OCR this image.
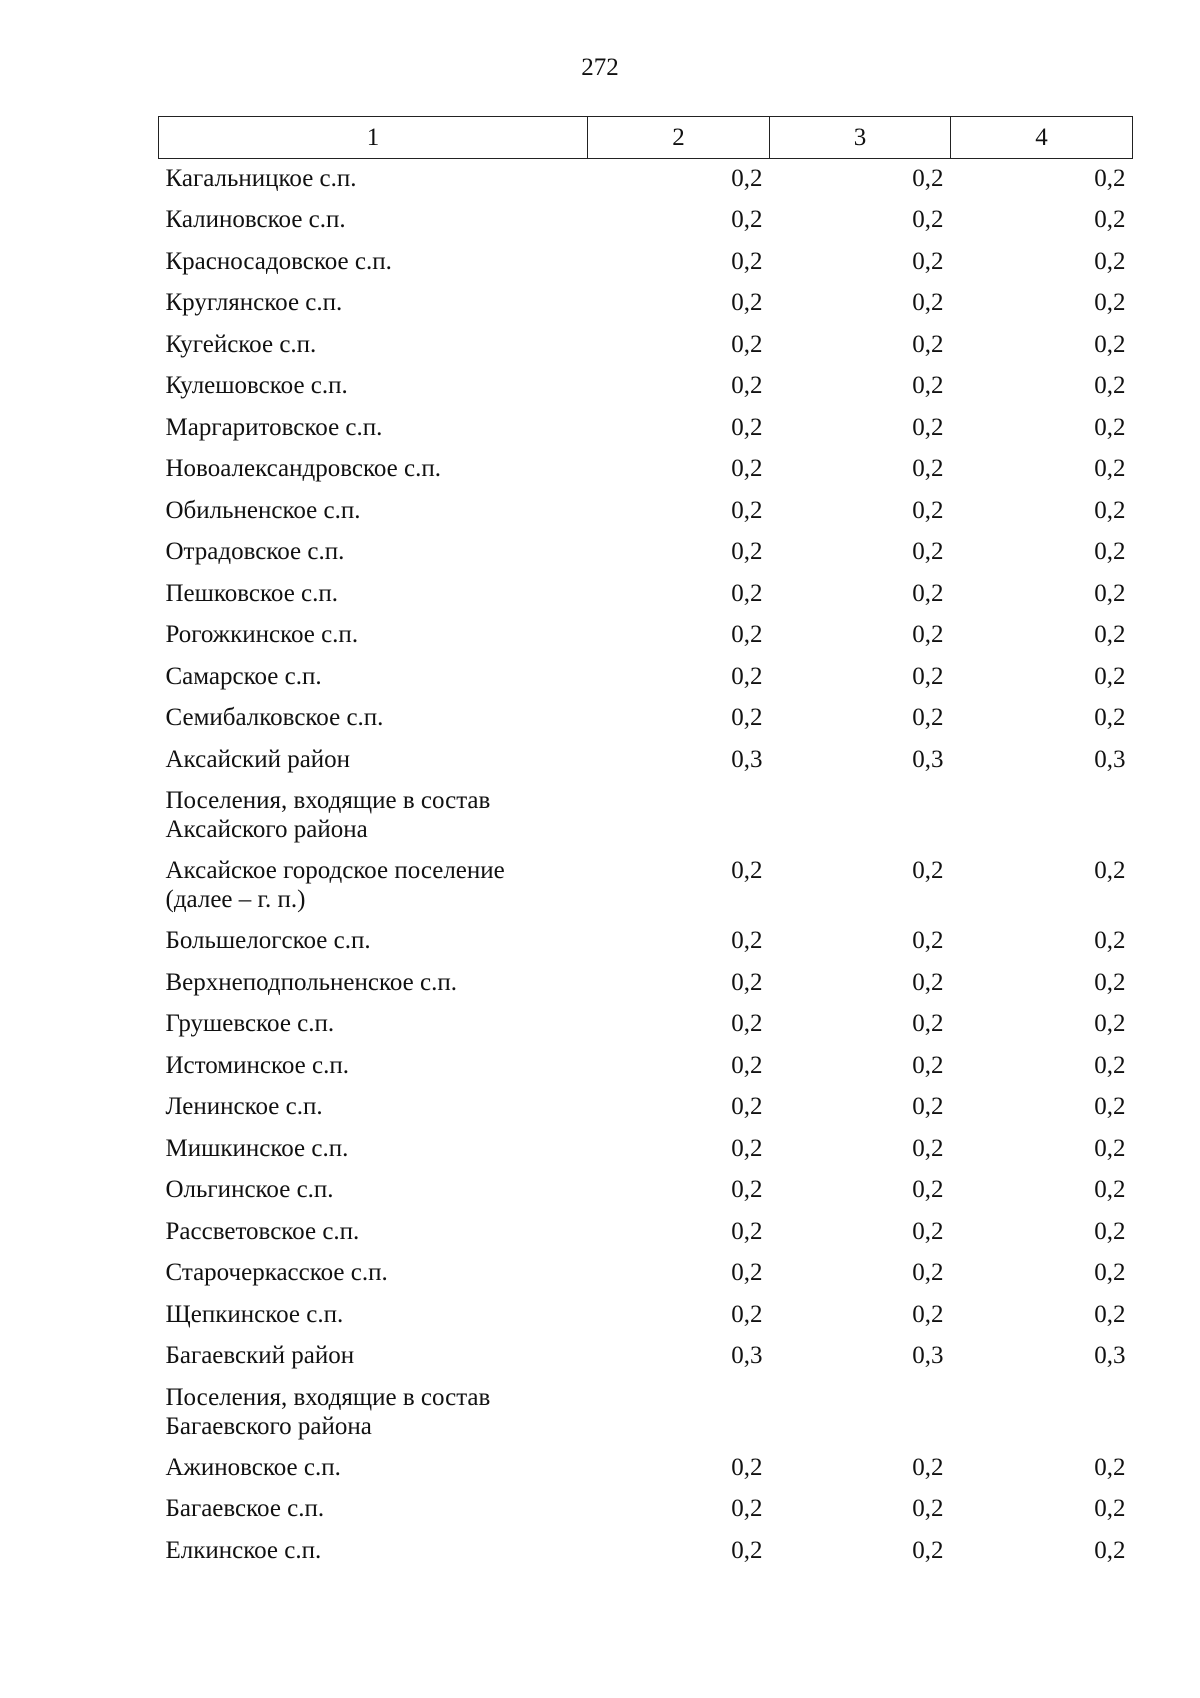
272
1	2	3	4

Кагальницкое с.п.	0,2	0,2	0,2

Калиновское с.п.	0,2	0,2	0,2

Красносадовское с.п.	0,2	0,2	0,2

Круглянское с.п.	0,2	0,2	0,2

Кугейское с.п.	0,2	0,2	0,2

Кулешовское с.п.	0,2	0,2	0,2

Маргаритовское с.п.	0,2	0,2	0,2

Новоалександровское с.п.	0,2	0,2	0,2

Обильненское с.п.	0,2	0,2	0,2

Отрадовское с.п.	0,2	0,2	0,2

Пешковское с.п.	0,2	0,2	0,2

Рогожкинское с.п.	0,2	0,2	0,2

Самарское с.п.	0,2	0,2	0,2

Семибалковское с.п.	0,2	0,2	0,2

Аксайский район	0,3	0,3	0,3

Поселения, входящие в состав
Аксайского района			

Аксайское городское поселение
(далее – г. п.)	0,2	0,2	0,2

Большелогское с.п.	0,2	0,2	0,2

Верхнеподпольненское с.п.	0,2	0,2	0,2

Грушевское с.п.	0,2	0,2	0,2

Истоминское с.п.	0,2	0,2	0,2

Ленинское с.п.	0,2	0,2	0,2

Мишкинское с.п.	0,2	0,2	0,2

Ольгинское с.п.	0,2	0,2	0,2

Рассветовское с.п.	0,2	0,2	0,2

Старочеркасское с.п.	0,2	0,2	0,2

Щепкинское с.п.	0,2	0,2	0,2

Багаевский район	0,3	0,3	0,3

Поселения, входящие в состав
Багаевского района			

Ажиновское с.п.	0,2	0,2	0,2

Багаевское с.п.	0,2	0,2	0,2

Елкинское с.п.	0,2	0,2	0,2
